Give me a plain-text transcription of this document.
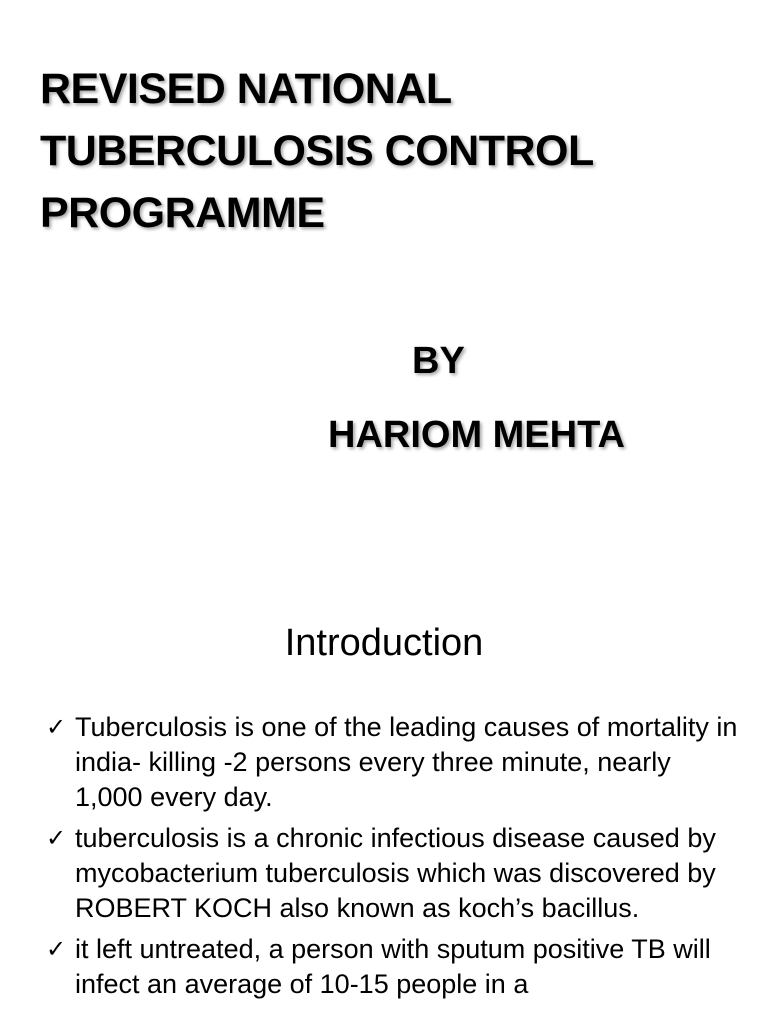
REVISED NATIONAL
TUBERCULOSIS CONTROL
PROGRAMME
BY
HARIOM MEHTA
Introduction
✓ Tuberculosis is one of the leading causes of mortality in india- killing -2 persons every three minute, nearly 1,000 every day.
✓ tuberculosis is a chronic infectious disease caused by mycobacterium tuberculosis which was discovered by ROBERT KOCH also known as koch’s bacillus.
✓ it left untreated, a person with sputum positive TB will infect an average of 10-15 people in a
